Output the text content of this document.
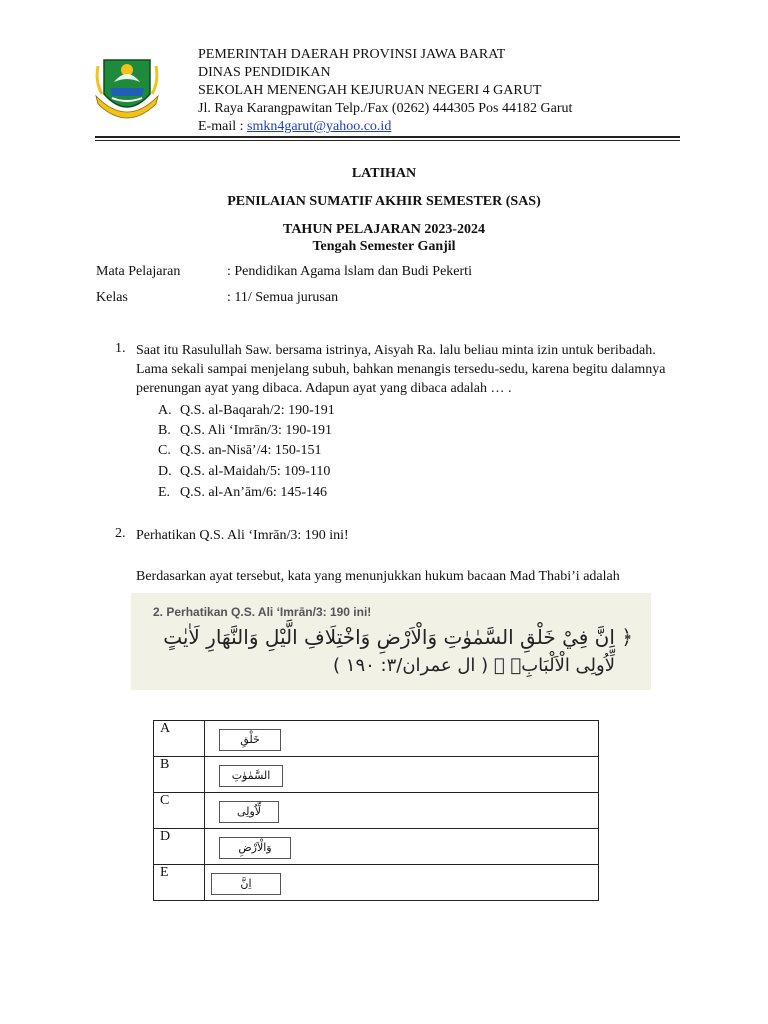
PEMERINTAH DAERAH PROVINSI JAWA BARAT
DINAS PENDIDIKAN
SEKOLAH MENENGAH KEJURUAN NEGERI 4 GARUT
Jl. Raya Karangpawitan Telp./Fax (0262) 444305 Pos 44182 Garut
E-mail : smkn4garut@yahoo.co.id
LATIHAN
PENILAIAN SUMATIF AKHIR SEMESTER (SAS)
TAHUN PELAJARAN 2023-2024
Tengah Semester Ganjil
Mata Pelajaran	: Pendidikan Agama lslam dan Budi Pekerti
Kelas	: 11/ Semua jurusan
1. Saat itu Rasulullah Saw. bersama istrinya, Aisyah Ra. lalu beliau minta izin untuk beribadah. Lama sekali sampai menjelang subuh, bahkan menangis tersedu-sedu, karena begitu dalamnya perenungan ayat yang dibaca. Adapun ayat yang dibaca adalah … .
A. Q.S. al-Baqarah/2: 190-191
B. Q.S. Ali ‘Imrān/3: 190-191
C. Q.S. an-Nisā’/4: 150-151
D. Q.S. al-Maidah/5: 109-110
E. Q.S. al-An’ām/6: 145-146
2. Perhatikan Q.S. Ali ‘Imrān/3: 190 ini!
Berdasarkan ayat tersebut, kata yang menunjukkan hukum bacaan Mad Thabi’i adalah
2. Perhatikan Q.S. Ali ‘Imrān/3: 190 ini!
﴿ اِنَّ فِيْ خَلْقِ السَّمٰوٰتِ وَالْاَرْضِ وَاخْتِلَافِ الَّيْلِ وَالنَّهَارِ لَاٰيٰتٍ
لِّاُولِى الْاَلْبَابِۙ ﴾ ( ال عمران/٣: ١٩٠ )
A	خَلْقِ
B	السَّمٰوٰتِ
C	لِّاُولِى
D	وَالْاَرْضِ
E	اِنَّ
